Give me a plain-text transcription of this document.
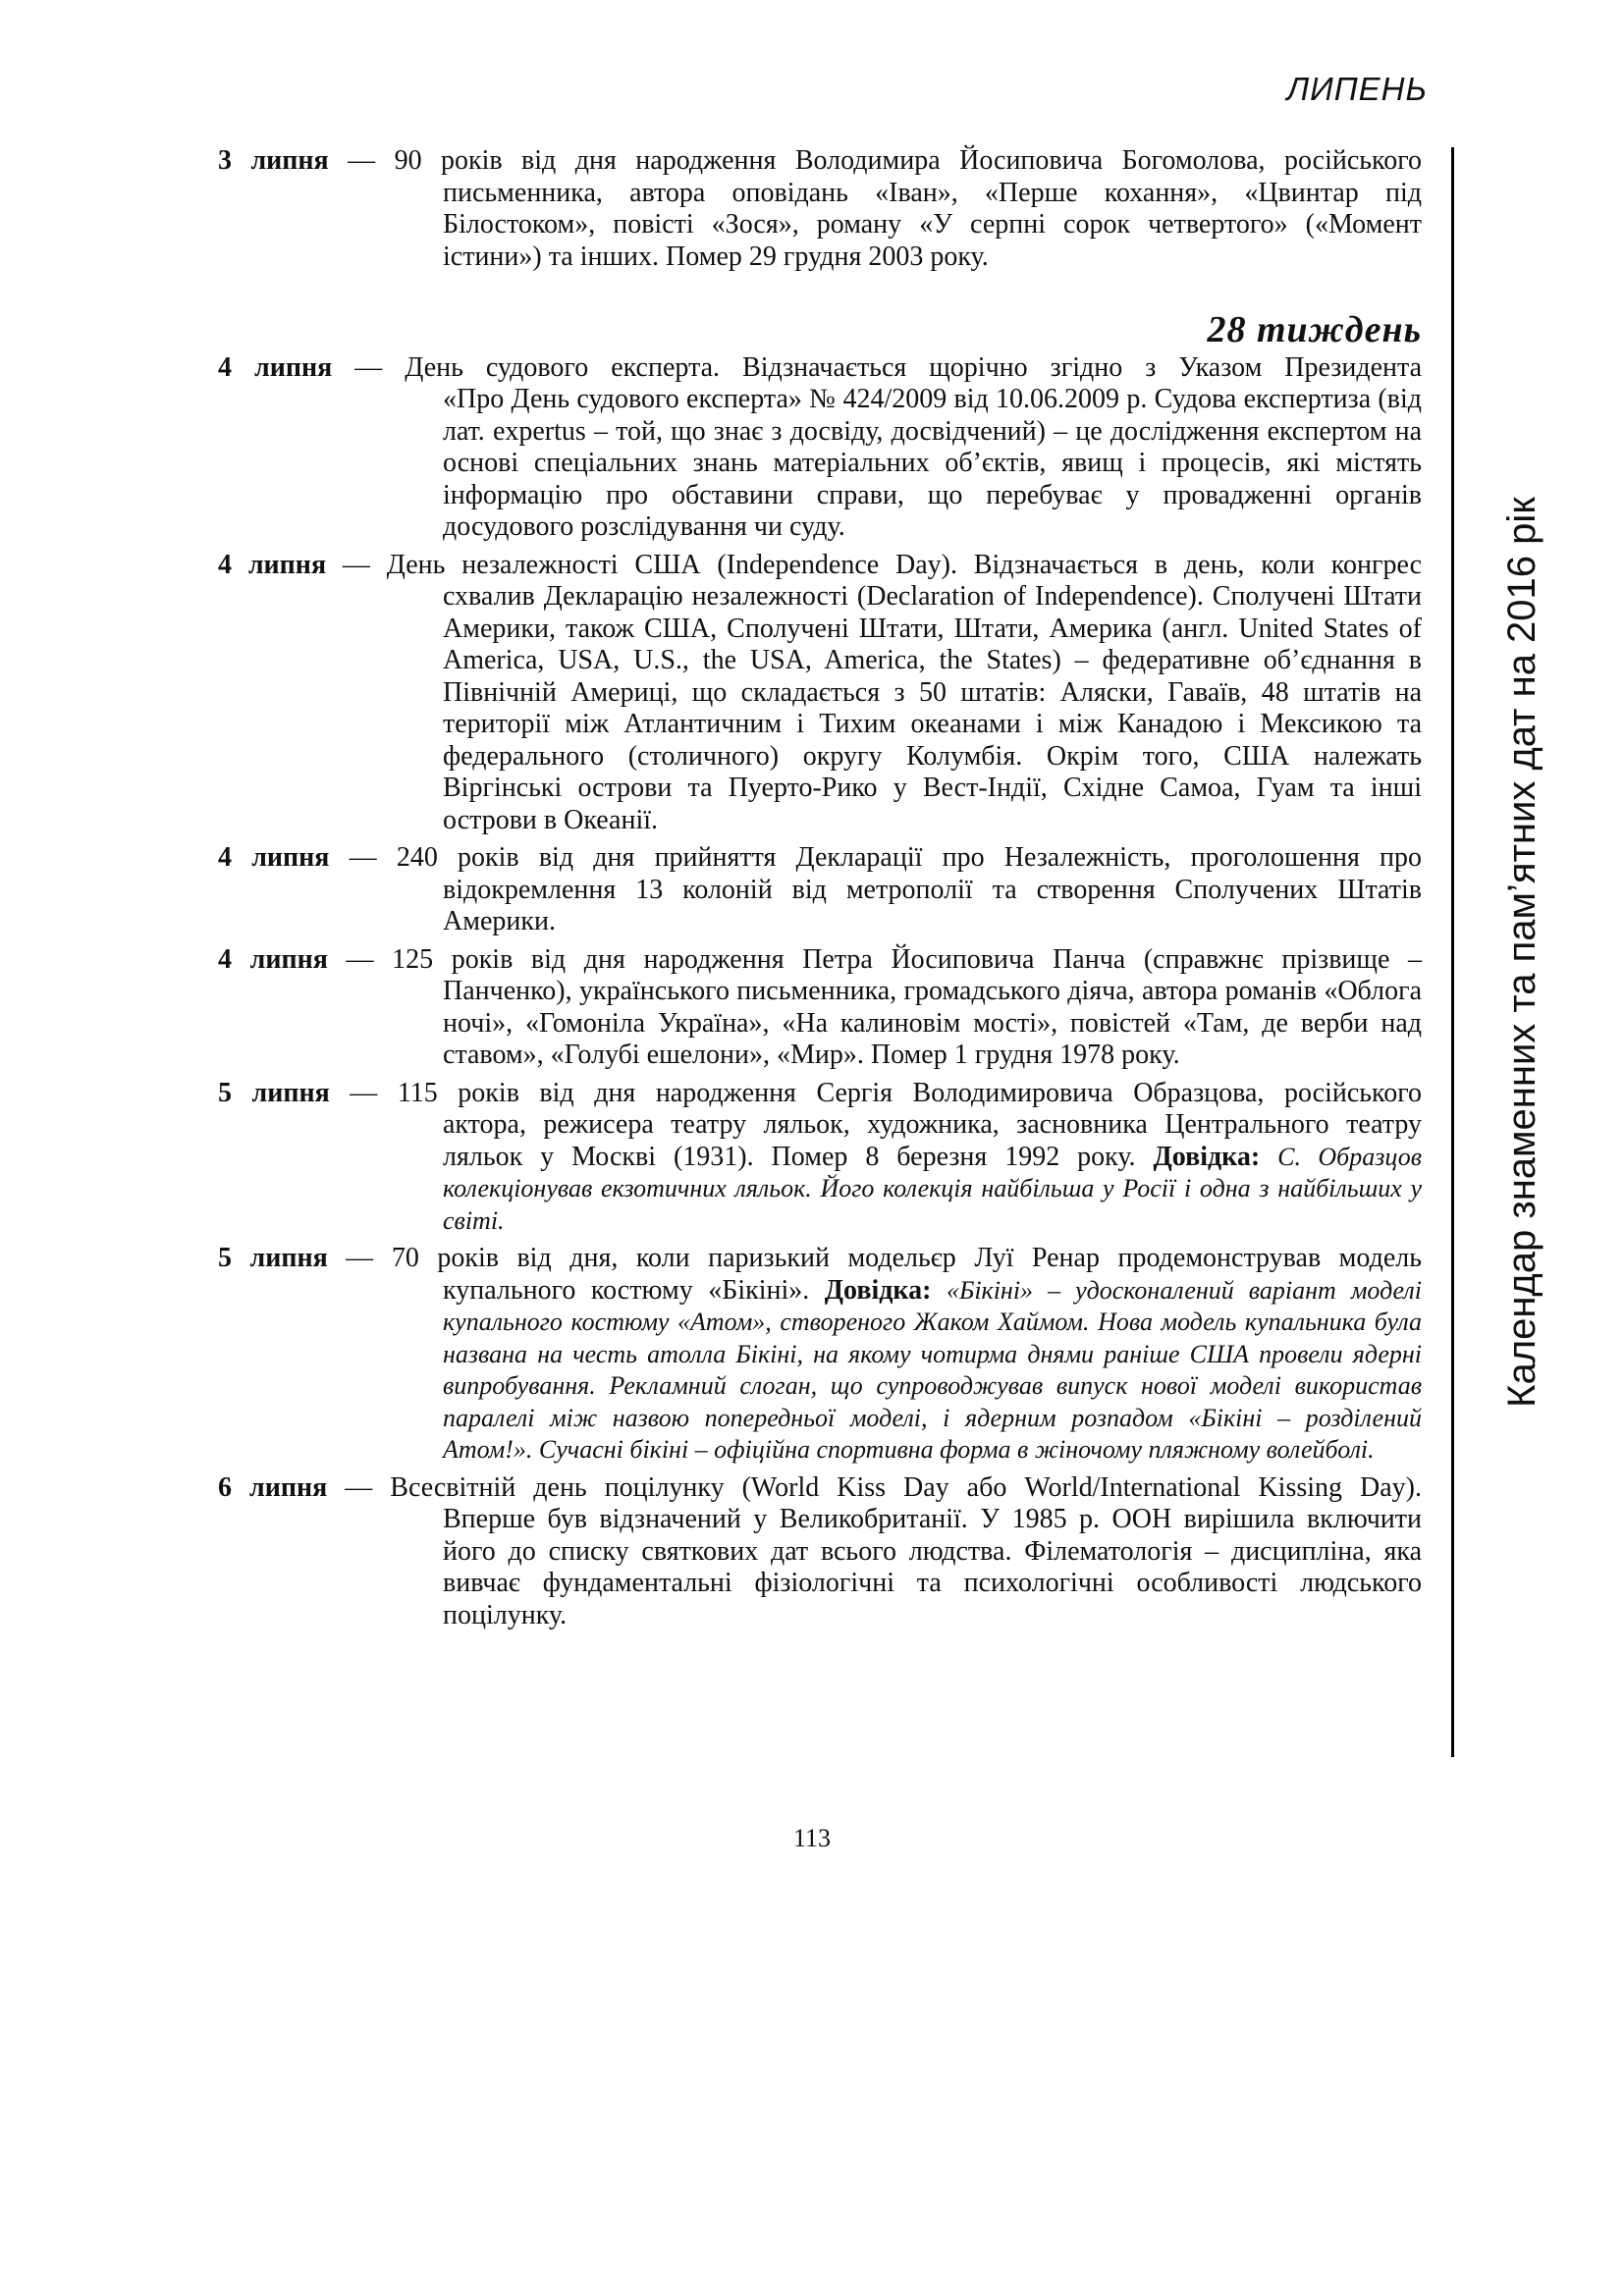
ЛИПЕНЬ
Календар знаменних та пам’ятних дат на 2016 рік
3 липня — 90 років від дня народження Володимира Йосиповича Богомолова, російського
письменника, автора оповідань «Іван», «Перше кохання», «Цвинтар під Білостоком», повісті «Зося», роману «У серпні сорок четвертого» («Момент істини») та інших. Помер 29 грудня 2003 року.
28 тиждень
4 липня — День судового експерта. Відзначається щорічно згідно з Указом Президента
«Про День судового експерта» № 424/2009 від 10.06.2009 р. Судова експертиза (від лат. expertus – той, що знає з досвіду, досвідчений) – це дослідження експертом на основі спеціальних знань матеріальних об’єктів, явищ і процесів, які містять інформацію про обставини справи, що перебуває у провадженні органів досудового розслідування чи суду.
4 липня — День незалежності США (Independence Day). Відзначається в день, коли конгрес
схвалив Декларацію незалежності (Declaration of Independence). Сполучені Штати Америки, також США, Сполучені Штати, Штати, Америка (англ. United States of America, USA, U.S., the USA, America, the States) – федеративне об’єднання в Північній Америці, що складається з 50 штатів: Аляски, Гаваїв, 48 штатів на території між Атлантичним і Тихим океанами і між Канадою і Мексикою та федерального (столичного) округу Колумбія. Окрім того, США належать Віргінські острови та Пуерто-Рико у Вест-Індії, Східне Самоа, Гуам та інші острови в Океанії.
4 липня — 240 років від дня прийняття Декларації про Незалежність, проголошення про
відокремлення 13 колоній від метрополії та створення Сполучених Штатів Америки.
4 липня — 125 років від дня народження Петра Йосиповича Панча (справжнє прізвище –
Панченко), українського письменника, громадського діяча, автора романів «Облога ночі», «Гомоніла Україна», «На калиновім мості», повістей «Там, де верби над ставом», «Голубі ешелони», «Мир». Помер 1 грудня 1978 року.
5 липня — 115 років від дня народження Сергія Володимировича Образцова, російського
актора, режисера театру ляльок, художника, засновника Центрального театру ляльок у Москві (1931). Помер 8 березня 1992 року. Довідка: С. Образцов колекціонував екзотичних ляльок. Його колекція найбільша у Росії і одна з найбільших у світі.
5 липня — 70 років від дня, коли паризький модельєр Луї Ренар продемонстрував модель
купального костюму «Бікіні». Довідка: «Бікіні» – удосконалений варіант моделі купального костюму «Атом», створеного Жаком Хаймом. Нова модель купальника була названа на честь атолла Бікіні, на якому чотирма днями раніше США провели ядерні випробування. Рекламний слоган, що супроводжував випуск нової моделі використав паралелі між назвою попередньої моделі, і ядерним розпадом «Бікіні – розділений Атом!». Сучасні бікіні – офіційна спортивна форма в жіночому пляжному волейболі.
6 липня — Всесвітній день поцілунку (World Kiss Day або World/International Kissing Day).
Вперше був відзначений у Великобританії. У 1985 р. ООН вирішила включити його до списку святкових дат всього людства. Філематологія – дисципліна, яка вивчає фундаментальні фізіологічні та психологічні особливості людського поцілунку.
113
